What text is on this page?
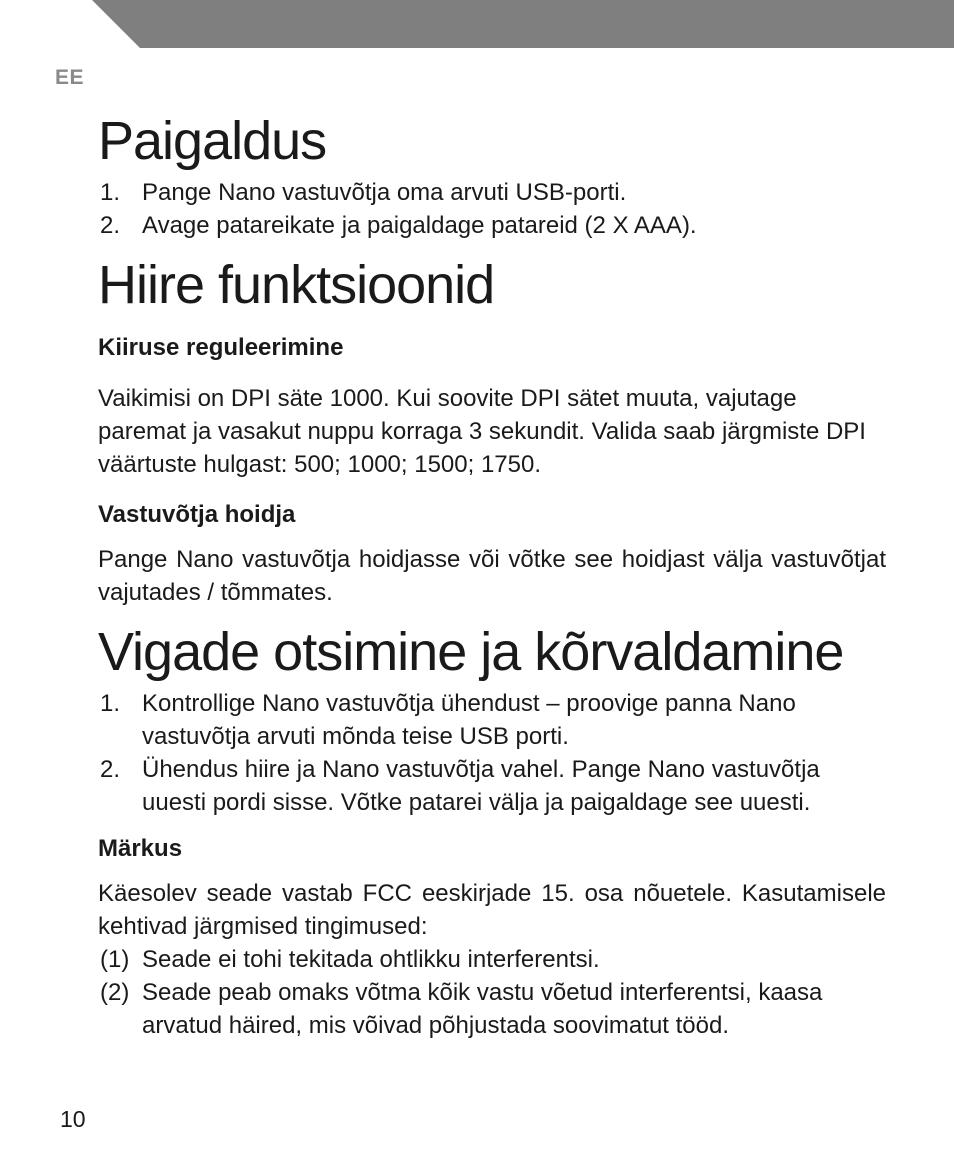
EE
Paigaldus
1. Pange Nano vastuvõtja oma arvuti USB-porti.
2. Avage patareikate ja paigaldage patareid (2 X AAA).
Hiire funktsioonid
Kiiruse reguleerimine

Vaikimisi on DPI säte 1000. Kui soovite DPI sätet muuta, vajutage paremat ja vasakut nuppu korraga 3 sekundit. Valida saab järgmiste DPI väärtuste hulgast: 500; 1000; 1500; 1750.

Vastuvõtja hoidja

Pange Nano vastuvõtja hoidjasse või võtke see hoidjast välja vastuvõtjat vajutades / tõmmates.

Vigade otsimine ja kõrvaldamine
1. Kontrollige Nano vastuvõtja ühendust – proovige panna Nano vastuvõtja arvuti mõnda teise USB porti.
2. Ühendus hiire ja Nano vastuvõtja vahel. Pange Nano vastuvõtja uuesti pordi sisse. Võtke patarei välja ja paigaldage see uuesti.
Märkus

Käesolev seade vastab FCC eeskirjade 15. osa nõuetele. Kasutamisele kehtivad järgmised tingimused:

(1) Seade ei tohi tekitada ohtlikku interferentsi.
(2) Seade peab omaks võtma kõik vastu võetud interferentsi, kaasa arvatud häired, mis võivad põhjustada soovimatut tööd.
10
